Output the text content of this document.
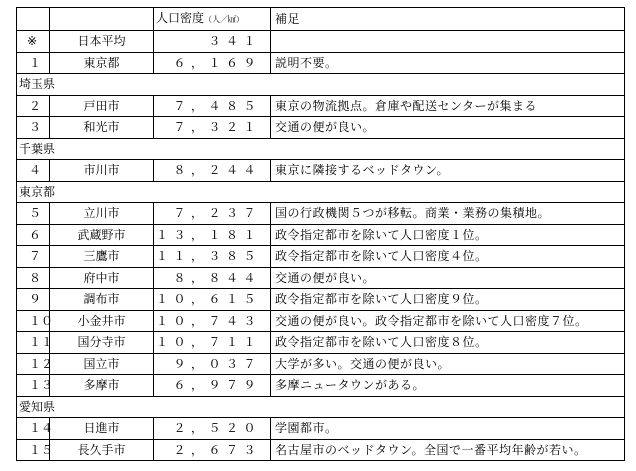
		人口密度（人／㎢）	補足
※	日本平均	３４１	
１	東京都	６，１６９	説明不要。
埼玉県			
２	戸田市	７，４８５	東京の物流拠点。倉庫や配送センターが集まる
３	和光市	７，３２１	交通の便が良い。
千葉県			
４	市川市	８，２４４	東京に隣接するベッドタウン。
東京都			
５	立川市	７，２３７	国の行政機関５つが移転。商業・業務の集積地。
６	武蔵野市	１３，１８１	政令指定都市を除いて人口密度１位。
７	三鷹市	１１，３８５	政令指定都市を除いて人口密度４位。
８	府中市	８，８４４	交通の便が良い。
９	調布市	１０，６１５	政令指定都市を除いて人口密度９位。
１０	小金井市	１０，７４３	交通の便が良い。政令指定都市を除いて人口密度７位。
１１	国分寺市	１０，７１１	政令指定都市を除いて人口密度８位。
１２	国立市	９，０３７	大学が多い。交通の便が良い。
１３	多摩市	６，９７９	多摩ニュータウンがある。
愛知県			
１４	日進市	２，５２０	学園都市。
１５	長久手市	２，６７３	名古屋市のベッドタウン。全国で一番平均年齢が若い。
